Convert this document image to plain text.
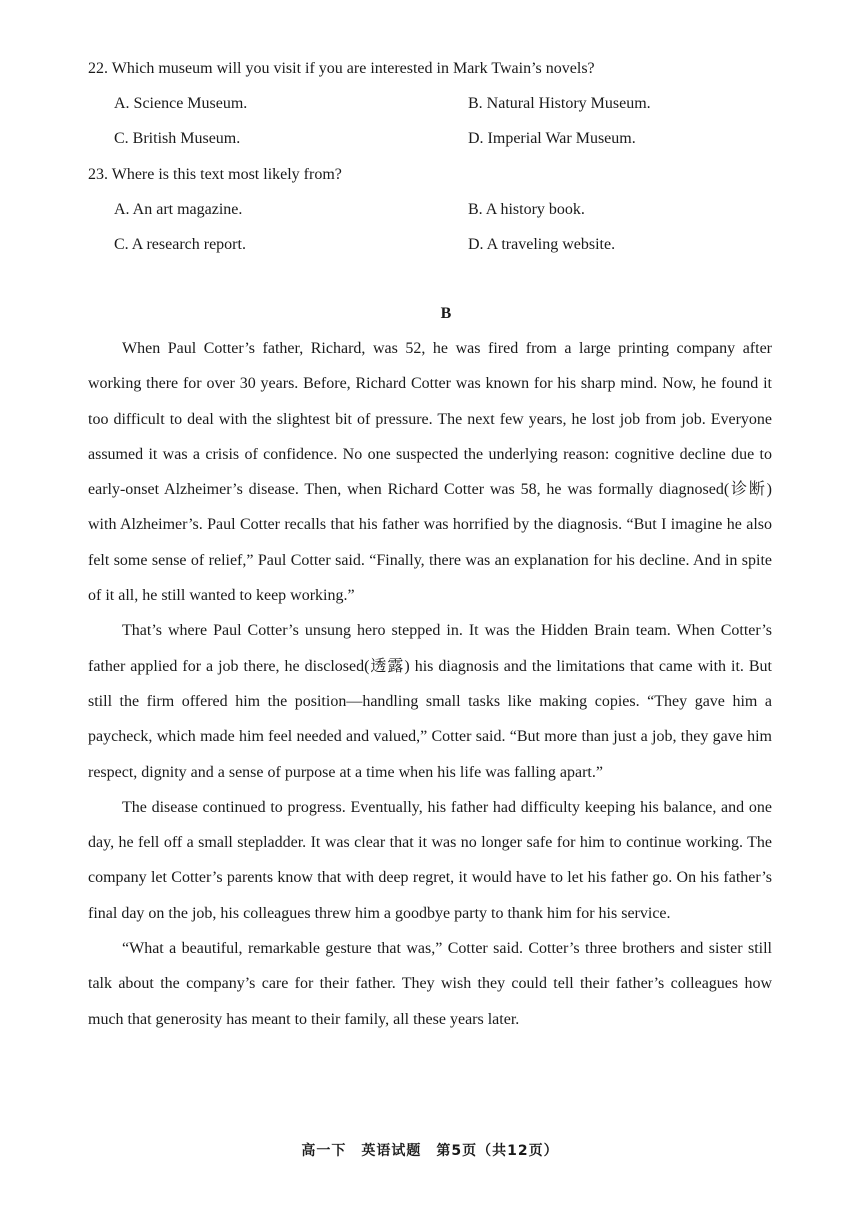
22. Which museum will you visit if you are interested in Mark Twain’s novels?
A. Science Museum.	B. Natural History Museum.
C. British Museum.	D. Imperial War Museum.
23. Where is this text most likely from?
A. An art magazine.	B. A history book.
C. A research report.	D. A traveling website.
B

When Paul Cotter’s father, Richard, was 52, he was fired from a large printing company after working there for over 30 years. Before, Richard Cotter was known for his sharp mind. Now, he found it too difficult to deal with the slightest bit of pressure. The next few years, he lost job from job. Everyone assumed it was a crisis of confidence. No one suspected the underlying reason: cognitive decline due to early-onset Alzheimer’s disease. Then, when Richard Cotter was 58, he was formally diagnosed(诊断) with Alzheimer’s. Paul Cotter recalls that his father was horrified by the diagnosis. “But I imagine he also felt some sense of relief,” Paul Cotter said. “Finally, there was an explanation for his decline. And in spite of it all, he still wanted to keep working.”

That’s where Paul Cotter’s unsung hero stepped in. It was the Hidden Brain team. When Cotter’s father applied for a job there, he disclosed(透露) his diagnosis and the limitations that came with it. But still the firm offered him the position—handling small tasks like making copies. “They gave him a paycheck, which made him feel needed and valued,” Cotter said. “But more than just a job, they gave him respect, dignity and a sense of purpose at a time when his life was falling apart.”

The disease continued to progress. Eventually, his father had difficulty keeping his balance, and one day, he fell off a small stepladder. It was clear that it was no longer safe for him to continue working. The company let Cotter’s parents know that with deep regret, it would have to let his father go. On his father’s final day on the job, his colleagues threw him a goodbye party to thank him for his service.

“What a beautiful, remarkable gesture that was,” Cotter said. Cotter’s three brothers and sister still talk about the company’s care for their father. They wish they could tell their father’s colleagues how much that generosity has meant to their family, all these years later.

高一下　英语试题　第5页（共12页）
